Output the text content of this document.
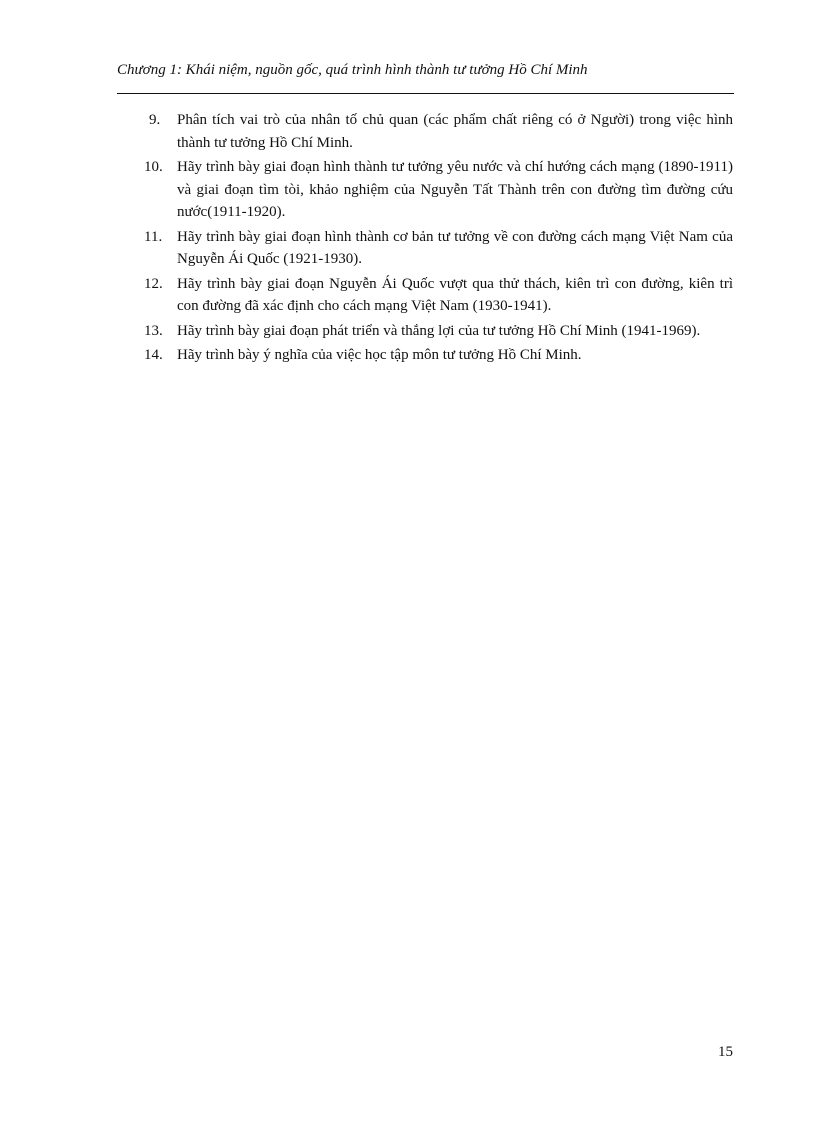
Chương 1: Khái niệm, nguồn gốc, quá trình hình thành tư tưởng Hồ Chí Minh
9. Phân tích vai trò của nhân tố chủ quan (các phẩm chất riêng có ở Người) trong việc hình thành tư tưởng Hồ Chí Minh.
10. Hãy trình bày giai đoạn hình thành tư tưởng yêu nước và chí hướng cách mạng (1890-1911) và giai đoạn tìm tòi, khảo nghiệm của Nguyễn Tất Thành trên con đường tìm đường cứu nước(1911-1920).
11. Hãy trình bày giai đoạn hình thành cơ bản tư tưởng về con đường cách mạng Việt Nam của Nguyễn Ái Quốc (1921-1930).
12. Hãy trình bày giai đoạn Nguyễn Ái Quốc vượt qua thử thách, kiên trì con đường, kiên trì con đường đã xác định cho cách mạng Việt Nam (1930-1941).
13. Hãy trình bày giai đoạn phát triển và thắng lợi của tư tưởng Hồ Chí Minh (1941-1969).
14. Hãy trình bày ý nghĩa của việc học tập môn tư tưởng Hồ Chí Minh.
15
